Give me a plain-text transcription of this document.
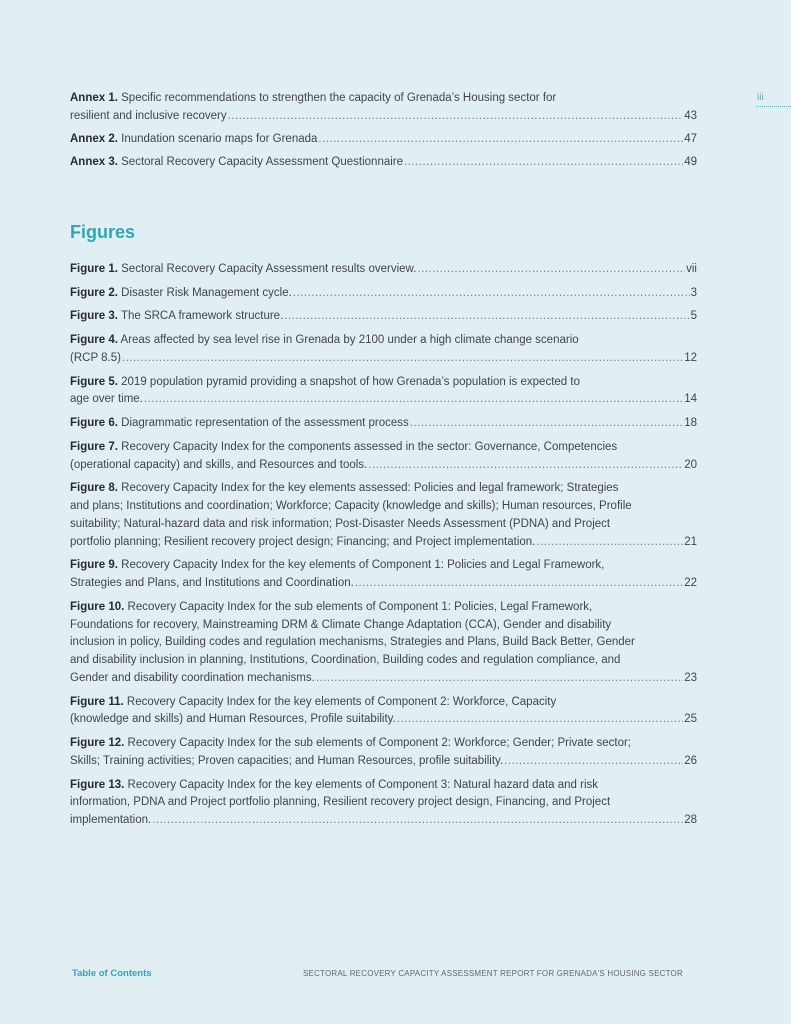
iii
Annex 1. Specific recommendations to strengthen the capacity of Grenada’s Housing sector for
resilient and inclusive recovery .....	43
Annex 2. Inundation scenario maps for Grenada .....	47
Annex 3. Sectoral Recovery Capacity Assessment Questionnaire .....	49
Figures
Figure 1. Sectoral Recovery Capacity Assessment results overview. .....	vii
Figure 2. Disaster Risk Management cycle. .....	3
Figure 3. The SRCA framework structure. .....	5
Figure 4. Areas affected by sea level rise in Grenada by 2100 under a high climate change scenario
(RCP 8.5) .....	12
Figure 5. 2019 population pyramid providing a snapshot of how Grenada’s population is expected to
age over time. .....	14
Figure 6. Diagrammatic representation of the assessment process .....	18
Figure 7. Recovery Capacity Index for the components assessed in the sector: Governance, Competencies
(operational capacity) and skills, and Resources and tools. .....	20
Figure 8. Recovery Capacity Index for the key elements assessed: Policies and legal framework; Strategies
and plans; Institutions and coordination; Workforce; Capacity (knowledge and skills); Human resources, Profile
suitability; Natural-hazard data and risk information; Post-Disaster Needs Assessment (PDNA) and Project
portfolio planning; Resilient recovery project design; Financing; and Project implementation. .....	21
Figure 9. Recovery Capacity Index for the key elements of Component 1: Policies and Legal Framework,
Strategies and Plans, and Institutions and Coordination. .....	22
Figure 10. Recovery Capacity Index for the sub elements of Component 1: Policies, Legal Framework,
Foundations for recovery, Mainstreaming DRM & Climate Change Adaptation (CCA), Gender and disability
inclusion in policy, Building codes and regulation mechanisms, Strategies and Plans, Build Back Better, Gender
and disability inclusion in planning, Institutions, Coordination, Building codes and regulation compliance, and
Gender and disability coordination mechanisms. .....	23
Figure 11. Recovery Capacity Index for the key elements of Component 2: Workforce, Capacity
(knowledge and skills) and Human Resources, Profile suitability. .....	25
Figure 12. Recovery Capacity Index for the sub elements of Component 2: Workforce; Gender; Private sector;
Skills; Training activities; Proven capacities; and Human Resources, profile suitability. .....	26
Figure 13. Recovery Capacity Index for the key elements of Component 3: Natural hazard data and risk
information, PDNA and Project portfolio planning, Resilient recovery project design, Financing, and Project
implementation. .....	28
Table of Contents	SECTORAL RECOVERY CAPACITY ASSESSMENT REPORT FOR GRENADA'S HOUSING SECTOR
